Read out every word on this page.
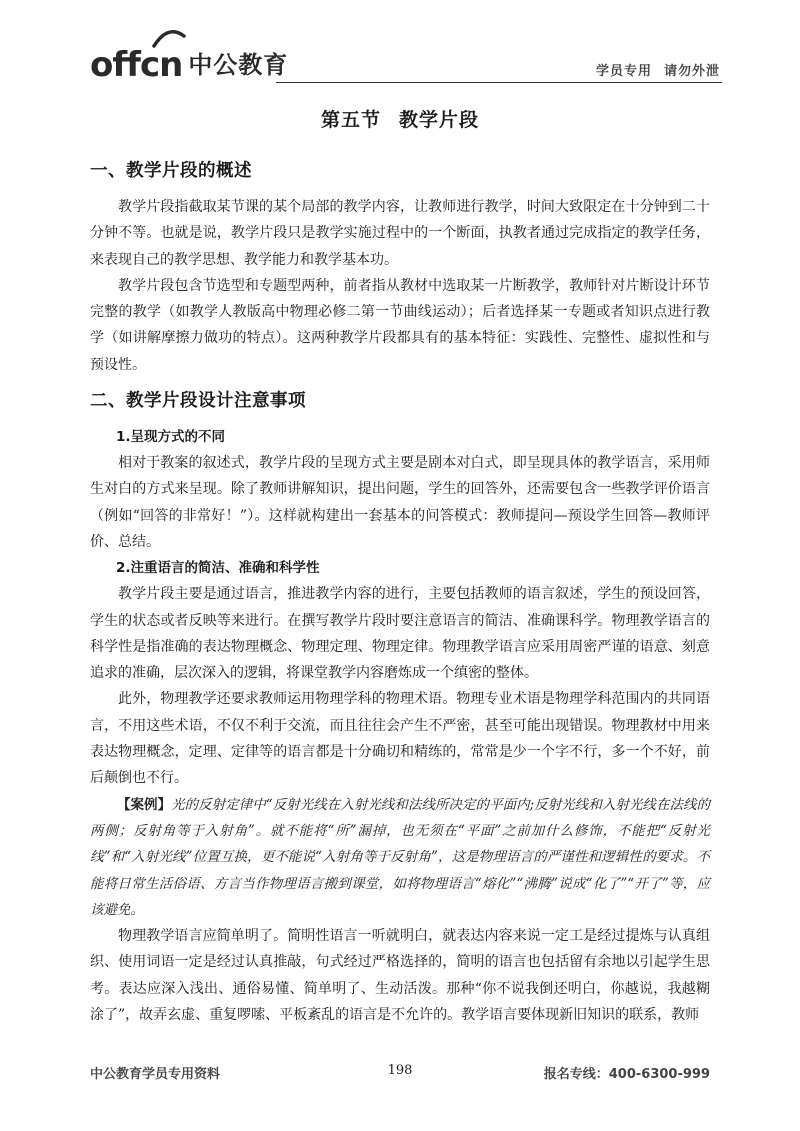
offcn 中公教育	学员专用 请勿外泄
第五节 教学片段
一、教学片段的概述

教学片段指截取某节课的某个局部的教学内容，让教师进行教学，时间大致限定在十分钟到二十分钟不等。也就是说，教学片段只是教学实施过程中的一个断面，执教者通过完成指定的教学任务，来表现自己的教学思想、教学能力和教学基本功。

教学片段包含节选型和专题型两种，前者指从教材中选取某一片断教学，教师针对片断设计环节完整的教学（如教学人教版高中物理必修二第一节曲线运动）；后者选择某一专题或者知识点进行教学（如讲解摩擦力做功的特点）。这两种教学片段都具有的基本特征：实践性、完整性、虚拟性和与预设性。

二、教学片段设计注意事项
1.呈现方式的不同

相对于教案的叙述式，教学片段的呈现方式主要是剧本对白式，即呈现具体的教学语言，采用师生对白的方式来呈现。除了教师讲解知识，提出问题，学生的回答外，还需要包含一些教学评价语言（例如“回答的非常好！”）。这样就构建出一套基本的问答模式：教师提问—预设学生回答—教师评价、总结。

2.注重语言的简洁、准确和科学性

教学片段主要是通过语言，推进教学内容的进行，主要包括教师的语言叙述，学生的预设回答，学生的状态或者反映等来进行。在撰写教学片段时要注意语言的简洁、准确课科学。物理教学语言的科学性是指准确的表达物理概念、物理定理、物理定律。物理教学语言应采用周密严谨的语意、刻意追求的准确，层次深入的逻辑，将课堂教学内容磨炼成一个缜密的整体。

此外，物理教学还要求教师运用物理学科的物理术语。物理专业术语是物理学科范围内的共同语言，不用这些术语，不仅不利于交流，而且往往会产生不严密，甚至可能出现错误。物理教材中用来表达物理概念，定理、定律等的语言都是十分确切和精练的，常常是少一个字不行，多一个不好，前后颠倒也不行。

【案例】光的反射定律中“反射光线在入射光线和法线所决定的平面内;反射光线和入射光线在法线的两侧；反射角等于入射角”。就不能将“所”漏掉，也无须在“平面”之前加什么修饰，不能把“反射光线”和“入射光线”位置互换，更不能说“入射角等于反射角”，这是物理语言的严谨性和逻辑性的要求。不能将日常生活俗语、方言当作物理语言搬到课堂，如将物理语言“熔化”“沸腾”说成“化了”“开了”等，应该避免。

物理教学语言应简单明了。简明性语言一听就明白，就表达内容来说一定工是经过提炼与认真组织、使用词语一定是经过认真推敲，句式经过严格选择的，简明的语言也包括留有余地以引起学生思考。表达应深入浅出、通俗易懂、简单明了、生动活泼。那种“你不说我倒还明白，你越说，我越糊涂了”，故弄玄虚、重复啰嗦、平板紊乱的语言是不允许的。教学语言要体现新旧知识的联系，教师

中公教育学员专用资料	198	报名专线：400-6300-999
